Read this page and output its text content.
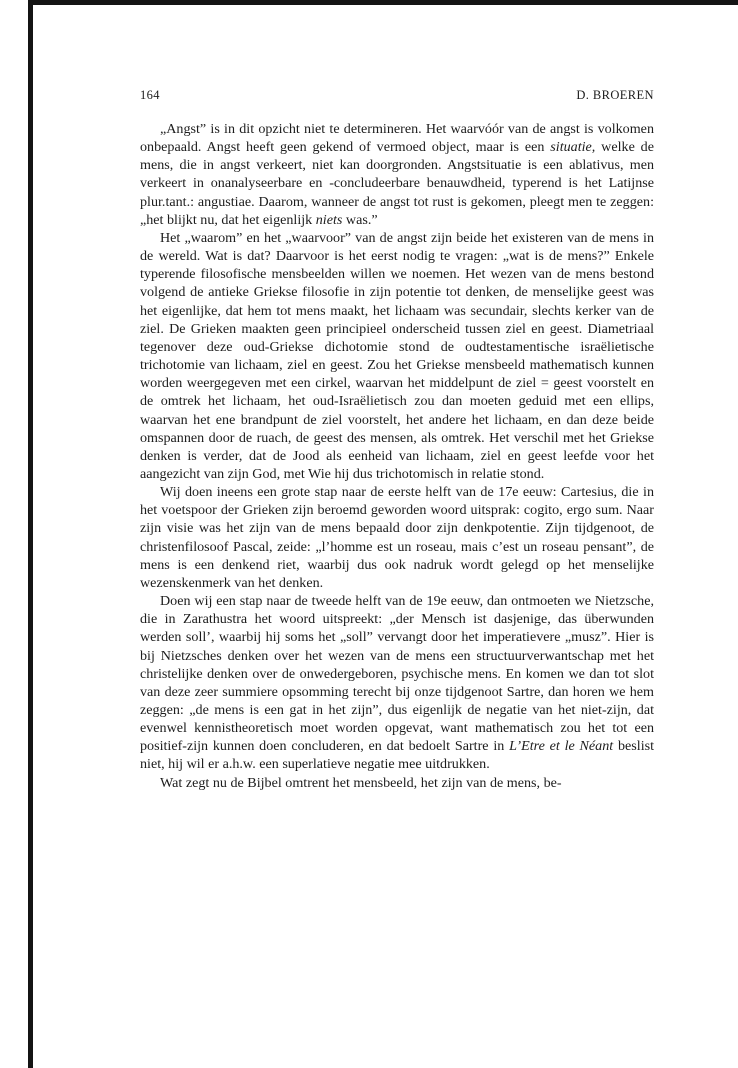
164	D. BROEREN

„Angst” is in dit opzicht niet te determineren. Het waarvóór van de angst is volkomen onbepaald. Angst heeft geen gekend of vermoed object, maar is een situatie, welke de mens, die in angst verkeert, niet kan doorgronden. Angstsituatie is een ablativus, men verkeert in onanalyseerbare en -concludeerbare benauwdheid, typerend is het Latijnse plur.tant.: angustiae. Daarom, wanneer de angst tot rust is gekomen, pleegt men te zeggen: „het blijkt nu, dat het eigenlijk niets was.”

Het „waarom” en het „waarvoor” van de angst zijn beide het existeren van de mens in de wereld. Wat is dat? Daarvoor is het eerst nodig te vragen: „wat is de mens?” Enkele typerende filosofische mensbeelden willen we noemen. Het wezen van de mens bestond volgend de antieke Griekse filosofie in zijn potentie tot denken, de menselijke geest was het eigenlijke, dat hem tot mens maakt, het lichaam was secundair, slechts kerker van de ziel. De Grieken maakten geen principieel onderscheid tussen ziel en geest. Diametriaal tegenover deze oud-Griekse dichotomie stond de oudtestamentische israëlietische trichotomie van lichaam, ziel en geest. Zou het Griekse mensbeeld mathematisch kunnen worden weergegeven met een cirkel, waarvan het middelpunt de ziel = geest voorstelt en de omtrek het lichaam, het oud-Israëlietisch zou dan moeten geduid met een ellips, waarvan het ene brandpunt de ziel voorstelt, het andere het lichaam, en dan deze beide omspannen door de ruach, de geest des mensen, als omtrek. Het verschil met het Griekse denken is verder, dat de Jood als eenheid van lichaam, ziel en geest leefde voor het aangezicht van zijn God, met Wie hij dus trichotomisch in relatie stond.

Wij doen ineens een grote stap naar de eerste helft van de 17e eeuw: Cartesius, die in het voetspoor der Grieken zijn beroemd geworden woord uitsprak: cogito, ergo sum. Naar zijn visie was het zijn van de mens bepaald door zijn denkpotentie. Zijn tijdgenoot, de christenfilosoof Pascal, zeide: „l’homme est un roseau, mais c’est un roseau pensant”, de mens is een denkend riet, waarbij dus ook nadruk wordt gelegd op het menselijke wezenskenmerk van het denken.

Doen wij een stap naar de tweede helft van de 19e eeuw, dan ontmoeten we Nietzsche, die in Zarathustra het woord uitspreekt: „der Mensch ist dasjenige, das überwunden werden soll’, waarbij hij soms het „soll” vervangt door het imperatievere „musz”. Hier is bij Nietzsches denken over het wezen van de mens een structuurverwantschap met het christelijke denken over de onwedergeboren, psychische mens. En komen we dan tot slot van deze zeer summiere opsomming terecht bij onze tijdgenoot Sartre, dan horen we hem zeggen: „de mens is een gat in het zijn”, dus eigenlijk de negatie van het niet-zijn, dat evenwel kennistheoretisch moet worden opgevat, want mathematisch zou het tot een positief-zijn kunnen doen concluderen, en dat bedoelt Sartre in L’Etre et le Néant beslist niet, hij wil er a.h.w. een superlatieve negatie mee uitdrukken.

Wat zegt nu de Bijbel omtrent het mensbeeld, het zijn van de mens, be-
